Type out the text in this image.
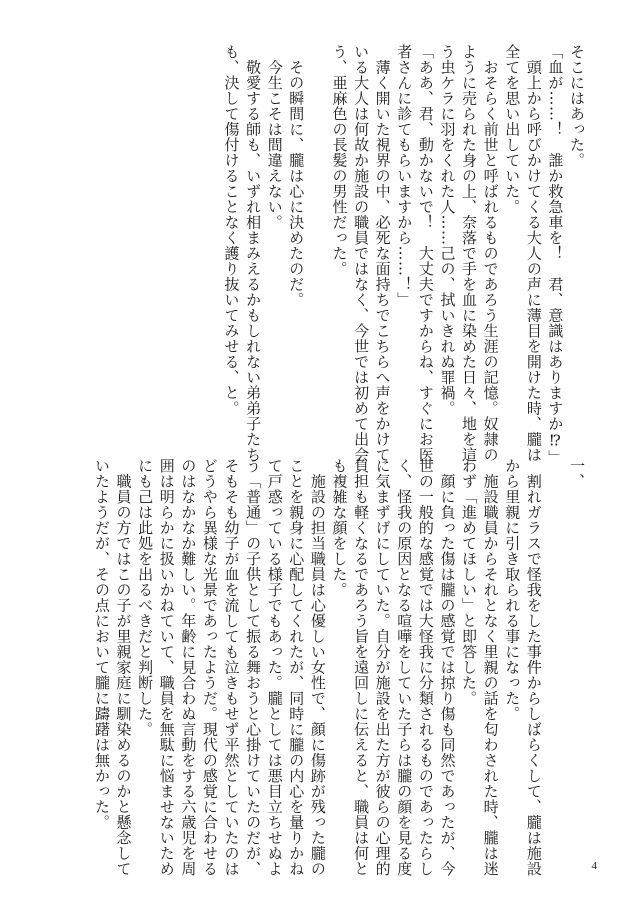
そこにはあった。

「血が……！　誰か救急車を！　君、意識はありますか⁉」

　頭上から呼びかけてくる大人の声に薄目を開けた時、朧は

全てを思い出していた。

　おそらく前世と呼ばれるものであろう生涯の記憶。奴隷の

ように売られた身の上、奈落で手を血に染めた日々、地を這

う虫ケラに羽をくれた人……己の、拭いきれぬ罪禍。

「ああ、君、動かないで！　大丈夫ですからね、すぐにお医

者さんに診てもらいますから……！」

　薄く開いた視界の中、必死な面持ちでこちらへ声をかけて

いる大人は何故か施設の職員ではなく、今世では初めて出会

う、亜麻色の長髪の男性だった。

　その瞬間に、朧は心に決めたのだ。

　今生こそは間違えない。

　敬愛する師も、いずれ相まみえるかもしれない弟弟子たち

も、決して傷付けることなく護り抜いてみせる、と。

一、

　割れガラスで怪我をした事件からしばらくして、朧は施設

から里親に引き取られる事になった。

　施設職員からそれとなく里親の話を匂わされた時、朧は迷

わず「進めてほしい」と即答した。

　顔に負った傷は朧の感覚では掠り傷も同然であったが、今

世の一般的な感覚では大怪我に分類されるものであったらし

く、怪我の原因となる喧嘩をしていた子らは朧の顔を見る度

に気まずげにしていた。自分が施設を出た方が彼らの心理的

負担も軽くなるであろう旨を遠回しに伝えると、職員は何と

も複雑な顔をした。

　施設の担当職員は心優しい女性で、顔に傷跡が残った朧の

ことを親身に心配してくれたが、同時に朧の内心を量りかね

て戸惑っている様子でもあった。朧としては悪目立ちせぬよ

う「普通」の子供として振る舞おうと心掛けていたのだが、

そもそも幼子が血を流しても泣きもせず平然としていたのは

どうやら異様な光景であったようだ。現代の感覚に合わせる

のはなかなか難しい。年齢に見合わぬ言動をする六歳児を周

囲は明らかに扱いかねていて、職員を無駄に悩ませないため

にも己は此処を出るべきだと判断した。

　職員の方ではこの子が里親家庭に馴染めるのかと懸念して

いたようだが、その点において朧に躊躇は無かった。

4
